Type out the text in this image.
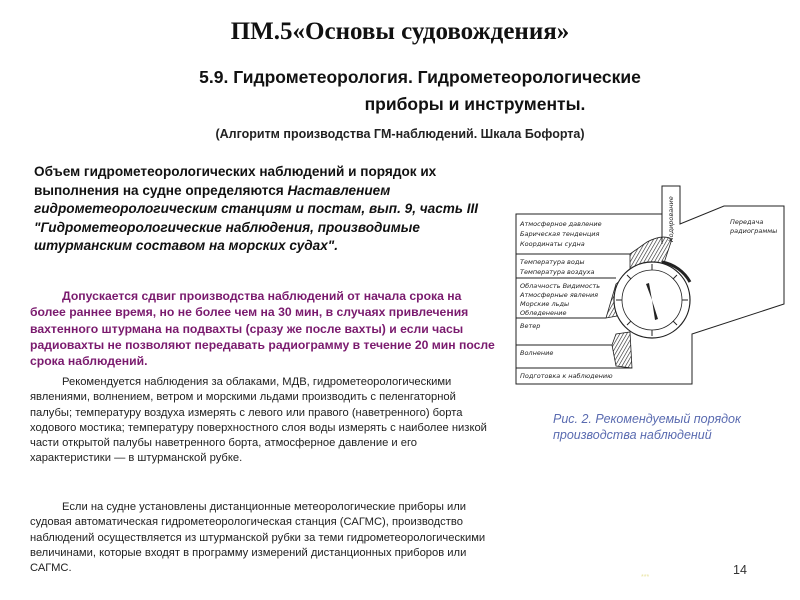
ПМ.5«Основы судовождения»
5.9. Гидрометеорология. Гидрометеорологические
приборы и инструменты.
(Алгоритм производства ГМ-наблюдений. Шкала Бофорта)
Объем гидрометеорологических наблюдений и порядок их выполнения на судне определяются Наставлением гидрометеорологическим станциям и постам, вып. 9, часть III "Гидрометеорологические наблюдения, производимые штурманским составом на морских судах".
Допускается сдвиг производства наблюдений от начала срока на более раннее время, но не более чем на 30 мин, в случаях привлечения вахтенного штурмана на подвахты (сразу же после вахты) и если часы радиовахты не позволяют передавать радиограмму в течение 20 мин после срока наблюдений.
Рекомендуется наблюдения за облаками, МДВ, гидрометеорологическими явлениями, волнением, ветром и морскими льдами производить с пеленгаторной палубы; температуру воздуха измерять с левого или правого (наветренного) борта ходового мостика; температуру поверхностного слоя воды измерять с наиболее низкой части открытой палубы наветренного борта, атмосферное давление и его характеристики — в штурманской рубке.
Если на судне установлены дистанционные метеорологические приборы или судовая автоматическая гидрометеорологическая станция (САГМС), производство наблюдений осуществляется из штурманской рубки за теми гидрометеорологическими величинами, которые входят в программу измерений дистанционных приборов или САГМС.
Атмосферное давление
Барическая тенденция
Координаты судна
Температура воды
Температура воздуха
Облачность Видимость
Атмосферные явления
Морские льды
Обледенение
Ветер
Волнение
Подготовка к наблюдению
Передача
радиограммы
Кодирование
Рис. 2. Рекомендуемый порядок производства наблюдений
14
***
